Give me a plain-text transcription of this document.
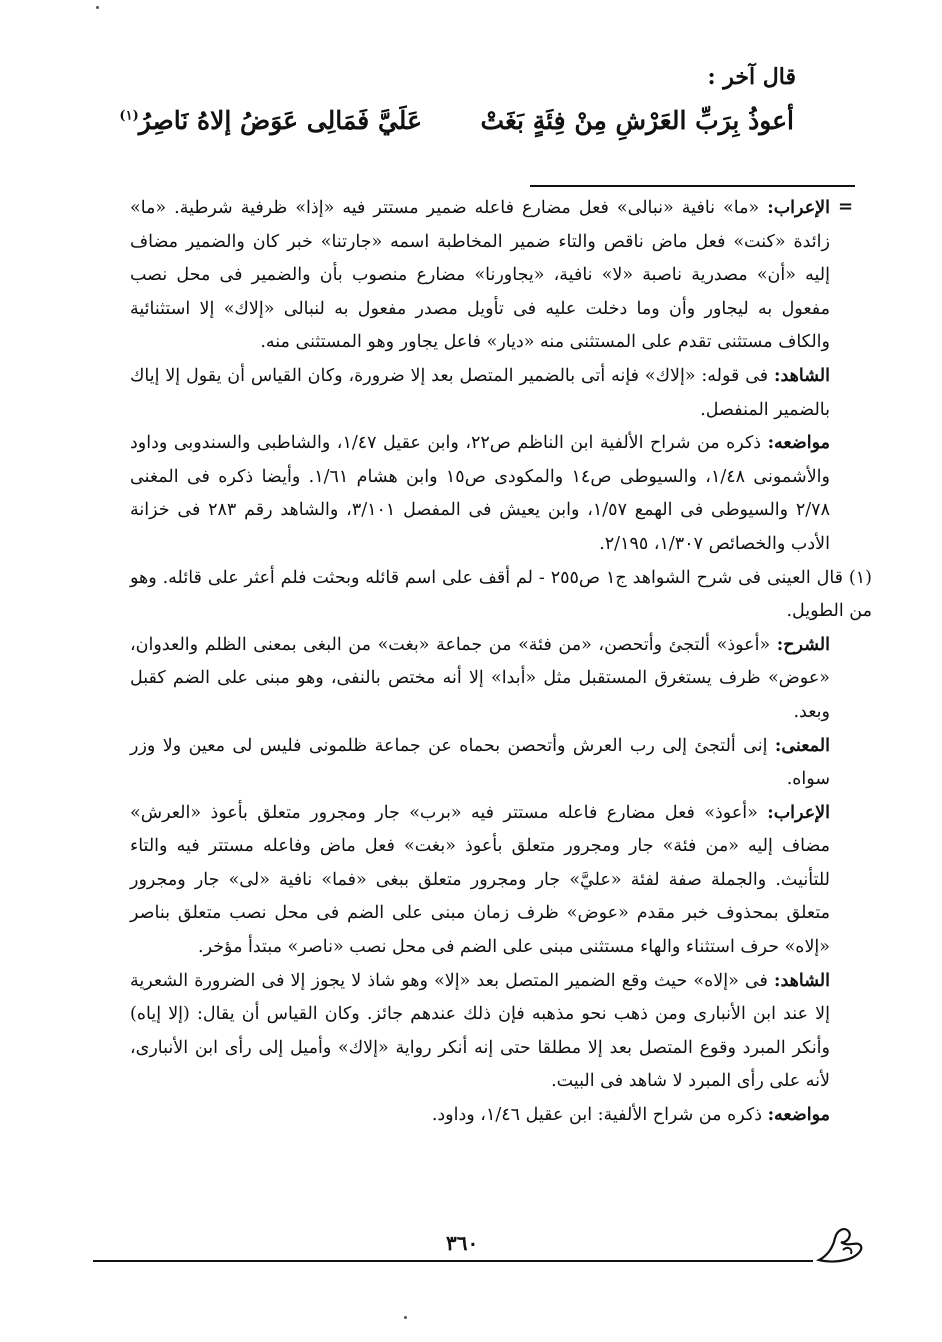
قال آخر :
أعوذُ بِرَبِّ العَرْشِ مِنْ فِئَةٍ بَغَتْ
عَلَيَّ فَمَالِى عَوَضُ إلاهُ نَاصِرُ$^{(١)}$
=

الإعراب: «ما» نافية «نبالى» فعل مضارع فاعله ضمير مستتر فيه «إذا» ظرفية شرطية. «ما» زائدة «كنت» فعل ماض ناقص والتاء ضمير المخاطبة اسمه «جارتنا» خبر كان والضمير مضاف إليه «أن» مصدرية ناصبة «لا» نافية، «يجاورنا» مضارع منصوب بأن والضمير فى محل نصب مفعول به ليجاور وأن وما دخلت عليه فى تأويل مصدر مفعول به لنبالى «إلاك» إلا استثنائية والكاف مستثنى تقدم على المستثنى منه «ديار» فاعل يجاور وهو المستثنى منه.

الشاهد: فى قوله: «إلاك» فإنه أتى بالضمير المتصل بعد إلا ضرورة، وكان القياس أن يقول إلا إياك بالضمير المنفصل.

مواضعه: ذكره من شراح الألفية ابن الناظم ص٢٢، وابن عقيل ١/٤٧، والشاطبى والسندوبى وداود والأشمونى ١/٤٨، والسيوطى ص١٤ والمكودى ص١٥ وابن هشام ١/٦١. وأيضا ذكره فى المغنى ٢/٧٨ والسيوطى فى الهمع ١/٥٧، وابن يعيش فى المفصل ٣/١٠١، والشاهد رقم ٢٨٣ فى خزانة الأدب والخصائص ١/٣٠٧، ٢/١٩٥.

(١) قال العينى فى شرح الشواهد ج١ ص٢٥٥ - لم أقف على اسم قائله وبحثت فلم أعثر على قائله. وهو من الطويل.

الشرح: «أعوذ» ألتجئ وأتحصن، «من فئة» من جماعة «بغت» من البغى بمعنى الظلم والعدوان، «عوض» ظرف يستغرق المستقبل مثل «أبدا» إلا أنه مختص بالنفى، وهو مبنى على الضم كقبل وبعد.

المعنى: إنى ألتجئ إلى رب العرش وأتحصن بحماه عن جماعة ظلمونى فليس لى معين ولا وزر سواه.

الإعراب: «أعوذ» فعل مضارع فاعله مستتر فيه «برب» جار ومجرور متعلق بأعوذ «العرش» مضاف إليه «من فئة» جار ومجرور متعلق بأعوذ «بغت» فعل ماض وفاعله مستتر فيه والتاء للتأنيث. والجملة صفة لفئة «عليَّ» جار ومجرور متعلق ببغى «فما» نافية «لى» جار ومجرور متعلق بمحذوف خبر مقدم «عوض» ظرف زمان مبنى على الضم فى محل نصب متعلق بناصر «إلاه» حرف استثناء والهاء مستثنى مبنى على الضم فى محل نصب «ناصر» مبتدأ مؤخر.

الشاهد: فى «إلاه» حيث وقع الضمير المتصل بعد «إلا» وهو شاذ لا يجوز إلا فى الضرورة الشعرية إلا عند ابن الأنبارى ومن ذهب نحو مذهبه فإن ذلك عندهم جائز. وكان القياس أن يقال: (إلا إياه) وأنكر المبرد وقوع المتصل بعد إلا مطلقا حتى إنه أنكر رواية «إلاك» وأميل إلى رأى ابن الأنبارى، لأنه على رأى المبرد لا شاهد فى البيت.

مواضعه: ذكره من شراح الألفية: ابن عقيل ١/٤٦، وداود.

٣٦٠
